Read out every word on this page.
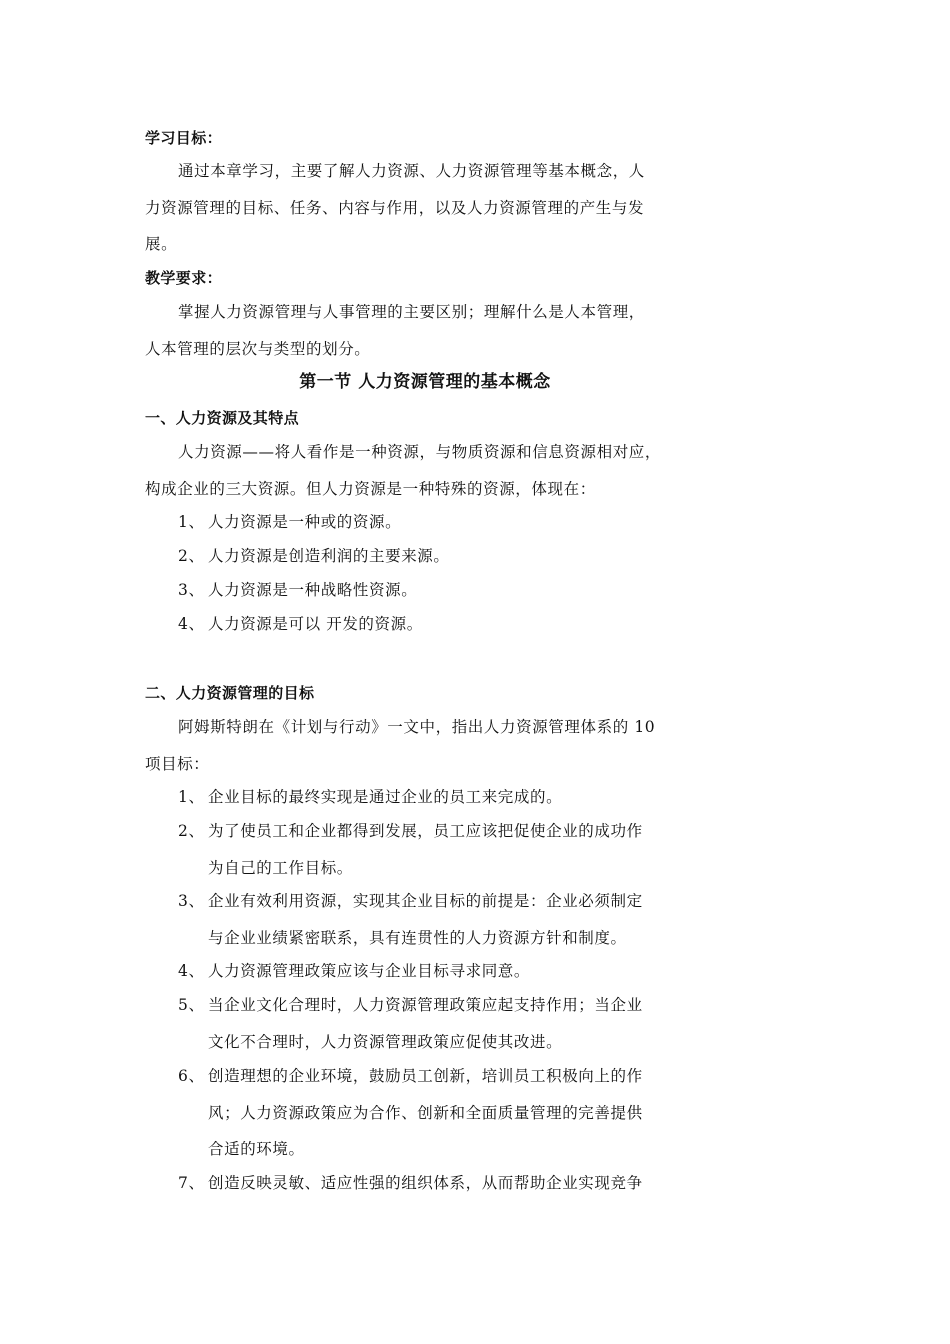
学习目标：
通过本章学习，主要了解人力资源、人力资源管理等基本概念，人
力资源管理的目标、任务、内容与作用，以及人力资源管理的产生与发
展。
教学要求：
掌握人力资源管理与人事管理的主要区别；理解什么是人本管理，
人本管理的层次与类型的划分。
第一节 人力资源管理的基本概念
一、人力资源及其特点
人力资源——将人看作是一种资源，与物质资源和信息资源相对应，
构成企业的三大资源。但人力资源是一种特殊的资源，体现在：
1、 人力资源是一种或的资源。
2、 人力资源是创造利润的主要来源。
3、 人力资源是一种战略性资源。
4、 人力资源是可以 开发的资源。
二、人力资源管理的目标
阿姆斯特朗在《计划与行动》一文中，指出人力资源管理体系的 10
项目标：
1、 企业目标的最终实现是通过企业的员工来完成的。
2、 为了使员工和企业都得到发展，员工应该把促使企业的成功作
为自己的工作目标。
3、 企业有效利用资源，实现其企业目标的前提是：企业必须制定
与企业业绩紧密联系，具有连贯性的人力资源方针和制度。
4、 人力资源管理政策应该与企业目标寻求同意。
5、 当企业文化合理时，人力资源管理政策应起支持作用；当企业
文化不合理时，人力资源管理政策应促使其改进。
6、 创造理想的企业环境，鼓励员工创新，培训员工积极向上的作
风；人力资源政策应为合作、创新和全面质量管理的完善提供
合适的环境。
7、 创造反映灵敏、适应性强的组织体系，从而帮助企业实现竞争
